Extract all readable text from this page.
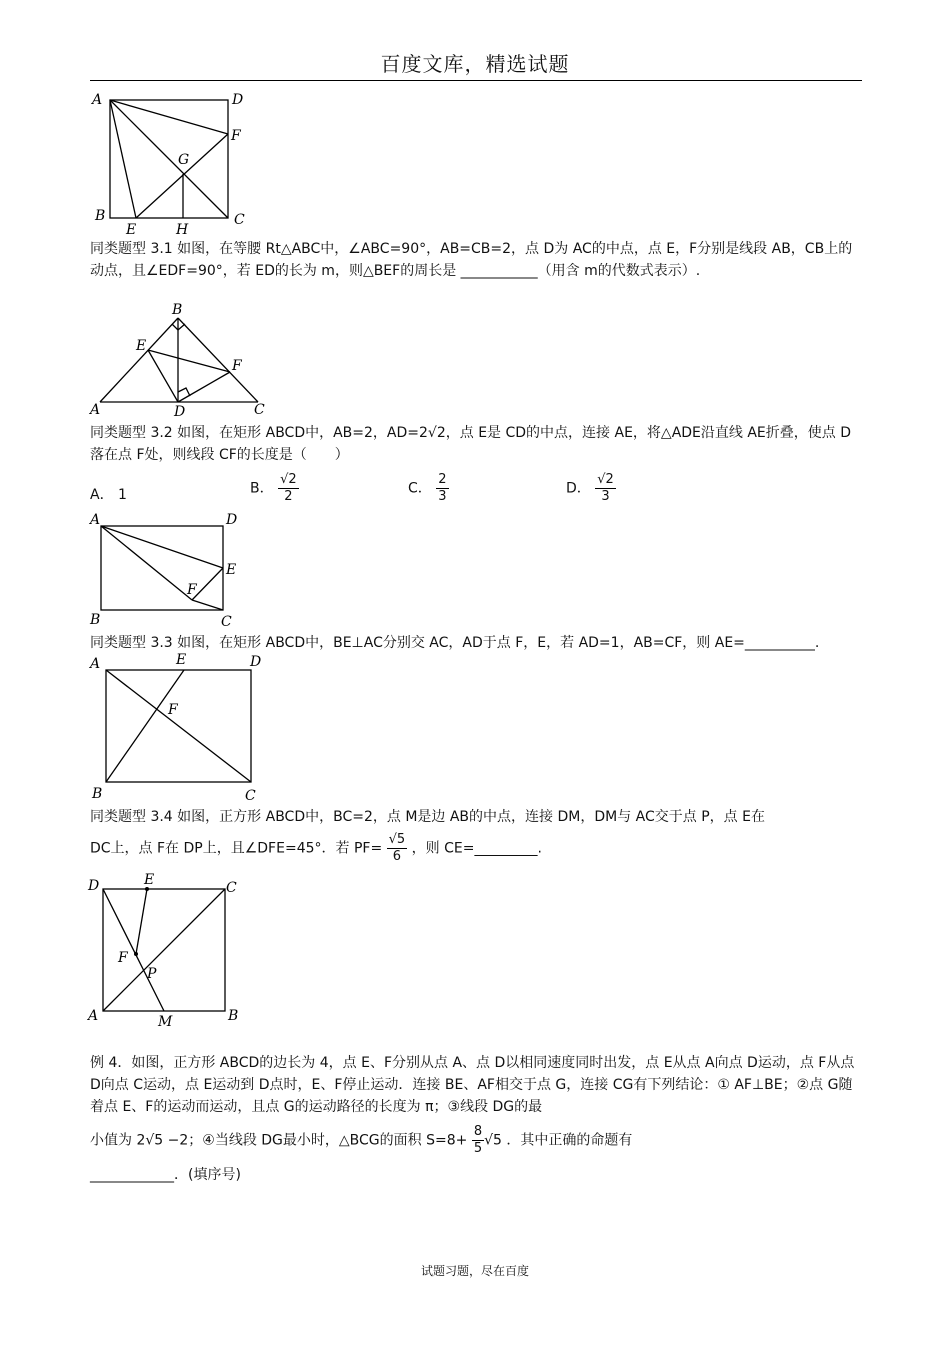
百度文库，精选试题
A	D
F
G
B	C
E	H
同类题型 3.1 如图，在等腰 Rt△ABC中，∠ABC=90°，AB=CB=2，点 D为 AC的中点，点 E，F分别是线段 AB，CB上的动点，且∠EDF=90°，若 ED的长为 m，则△BEF的周长是 ___________（用含 m的代数式表示）.
B
E
F
A	D	C
同类题型 3.2 如图，在矩形 ABCD中，AB=2，AD=2√2，点 E是 CD的中点，连接 AE，将△ADE沿直线 AE折叠，使点 D落在点 F处，则线段 CF的长度是（　　）
A． 1	B． $\frac{√2}{2}$	C． $\frac{2}{3}$	D． $\frac{√2}{3}$
A	D
E
F
B	C
同类题型 3.3 如图，在矩形 ABCD中，BE⊥AC分别交 AC，AD于点 F，E，若 AD=1，AB=CF，则 AE=__________.
A	E	D
F
B	C
同类题型 3.4 如图，正方形 ABCD中，BC=2，点 M是边 AB的中点，连接 DM，DM与 AC交于点 P，点 E在
DC上，点 F在 DP上，且∠DFE=45°．若 $PF= \frac{√5}{6}$ ，则 CE=_________.
D	E	C
F
P
A	M	B
例 4．如图，正方形 ABCD的边长为 4，点 E、F分别从点 A、点 D以相同速度同时出发，点 E从点 A向点 D运动，点 F从点 D向点 C运动，点 E运动到 D点时，E、F停止运动．连接 BE、AF相交于点 G，连接 CG有下列结论：① AF⊥BE；②点 G随着点 E、F的运动而运动，且点 G的运动路径的长度为 π；③线段 DG的最
小值为 2√5 −2；④当线段 DG最小时，△BCG的面积 $S=8+ \frac{8}{5} √5$ ．其中正确的命题有
____________．(填序号)
试题习题，尽在百度
